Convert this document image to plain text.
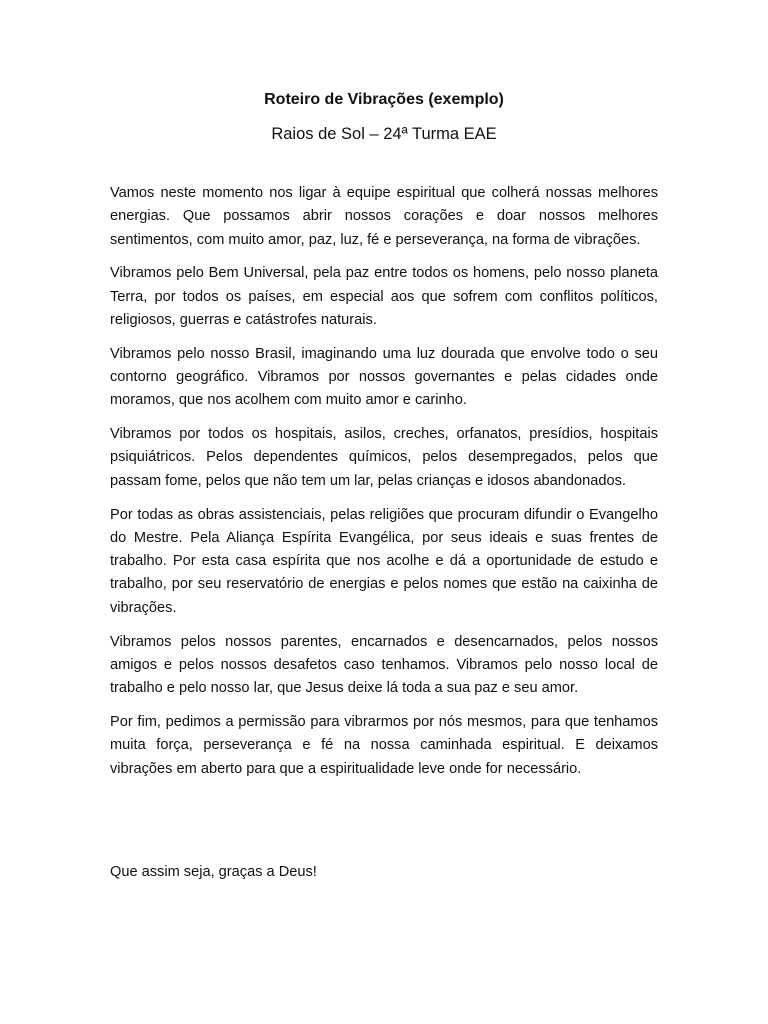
Roteiro de Vibrações (exemplo)
Raios de Sol – 24ª Turma EAE

Vamos neste momento nos ligar à equipe espiritual que colherá nossas melhores energias. Que possamos abrir nossos corações e doar nossos melhores sentimentos, com muito amor, paz, luz, fé e perseverança, na forma de vibrações.

Vibramos pelo Bem Universal, pela paz entre todos os homens, pelo nosso planeta Terra, por todos os países, em especial aos que sofrem com conflitos políticos, religiosos, guerras e catástrofes naturais.

Vibramos pelo nosso Brasil, imaginando uma luz dourada que envolve todo o seu contorno geográfico. Vibramos por nossos governantes e pelas cidades onde moramos, que nos acolhem com muito amor e carinho.

Vibramos por todos os hospitais, asilos, creches, orfanatos, presídios, hospitais psiquiátricos. Pelos dependentes químicos, pelos desempregados, pelos que passam fome, pelos que não tem um lar, pelas crianças e idosos abandonados.

Por todas as obras assistenciais, pelas religiões que procuram difundir o Evangelho do Mestre. Pela Aliança Espírita Evangélica, por seus ideais e suas frentes de trabalho. Por esta casa espírita que nos acolhe e dá a oportunidade de estudo e trabalho, por seu reservatório de energias e pelos nomes que estão na caixinha de vibrações.

Vibramos pelos nossos parentes, encarnados e desencarnados, pelos nossos amigos e pelos nossos desafetos caso tenhamos. Vibramos pelo nosso local de trabalho e pelo nosso lar, que Jesus deixe lá toda a sua paz e seu amor.

Por fim, pedimos a permissão para vibrarmos por nós mesmos, para que tenhamos muita força, perseverança e fé na nossa caminhada espiritual. E deixamos vibrações em aberto para que a espiritualidade leve onde for necessário.

Que assim seja, graças a Deus!
